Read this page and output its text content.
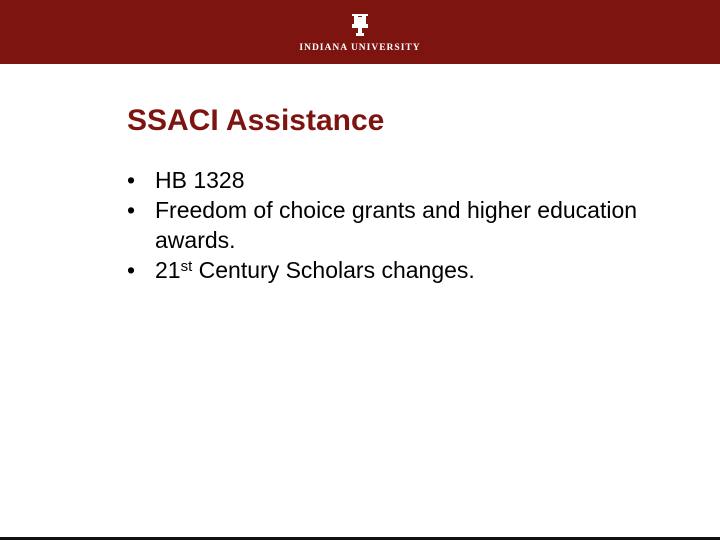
INDIANA UNIVERSITY
SSACI Assistance
• HB 1328
• Freedom of choice grants and higher education awards.
• 21st Century Scholars changes.
